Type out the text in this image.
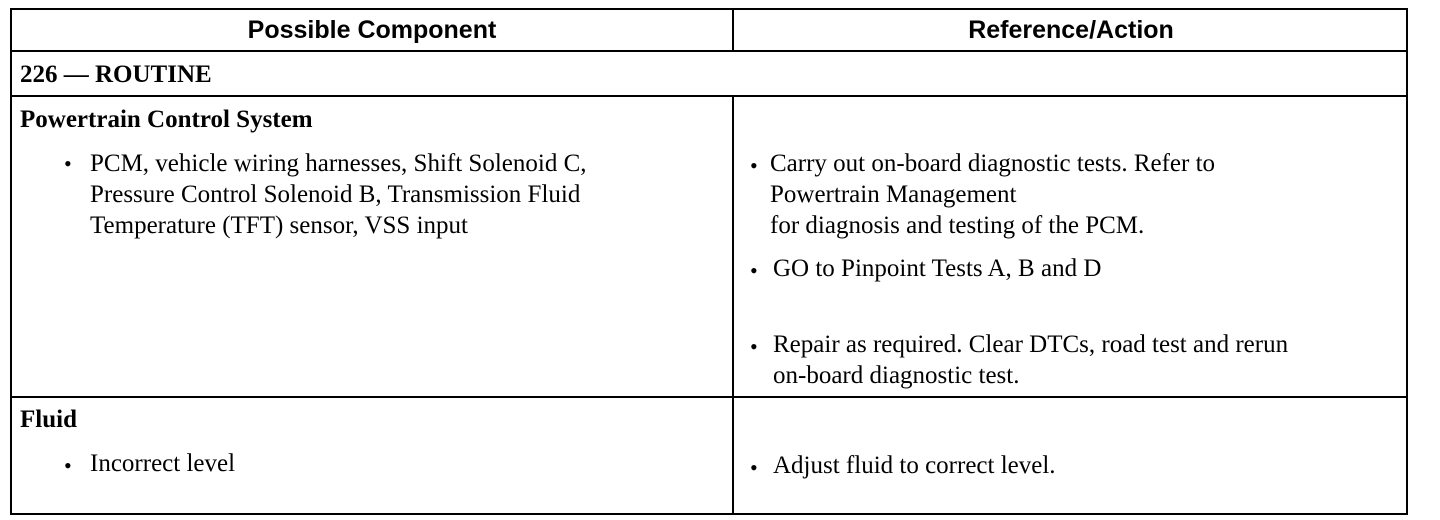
Possible Component	Reference/Action
226 — ROUTINE
Powertrain Control System
• PCM, vehicle wiring harnesses, Shift Solenoid C,
Pressure Control Solenoid B, Transmission Fluid
Temperature (TFT) sensor, VSS input
• Carry out on-board diagnostic tests. Refer to
Powertrain Management
for diagnosis and testing of the PCM.
• GO to Pinpoint Tests A, B and D
• Repair as required. Clear DTCs, road test and rerun
on-board diagnostic test.
Fluid
• Incorrect level	• Adjust fluid to correct level.
